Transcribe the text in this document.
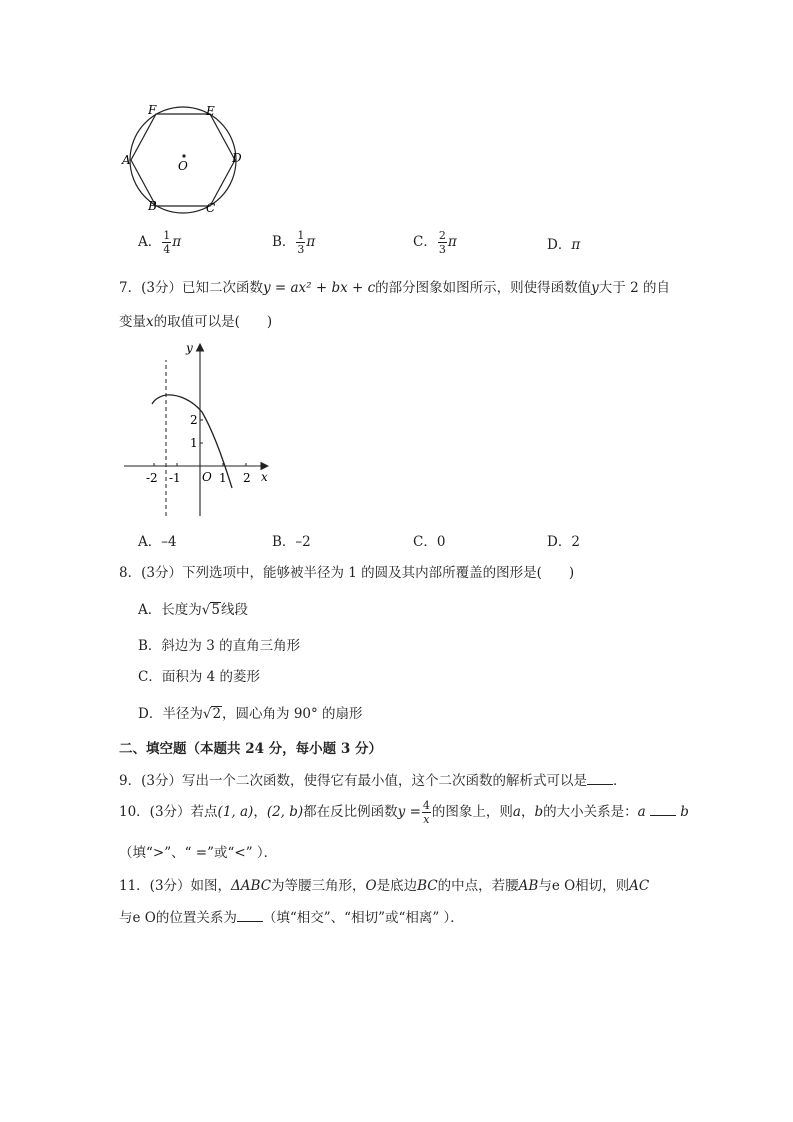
F	E
A	D
B	C
O
A． $\frac{1}{4}$ π	B． $\frac{1}{3}$ π	C． $\frac{2}{3}$ π	D．π
7．(3分）已知二次函数y = ax² + bx + c的部分图象如图所示，则使得函数值y大于 2 的自
变量x的取值可以是(　　)
y
x
O
-2 -1	1 2
1
2
A．–4	B．–2	C．0	D．2
8．(3分）下列选项中，能够被半径为 1 的圆及其内部所覆盖的图形是(　　)
A．长度为√5线段
B．斜边为 3 的直角三角形
C．面积为 4 的菱形
D．半径为√2，圆心角为 90° 的扇形
二、填空题（本题共 24 分，每小题 3 分）
9．(3分）写出一个二次函数，使得它有最小值，这个二次函数的解析式可以是 ．
10．(3分）若点(1, a)，(2, b)都在反比例函数$y = \frac{4}{x}$ 的图象上，则a，b的大小关系是：a	b
（填“>”、“ =”或“<” ）．
11．(3分）如图，ΔABC为等腰三角形，O是底边BC的中点，若腰AB与e O相切，则AC
与e O的位置关系为 （填“相交”、“相切”或“相离” ）．
